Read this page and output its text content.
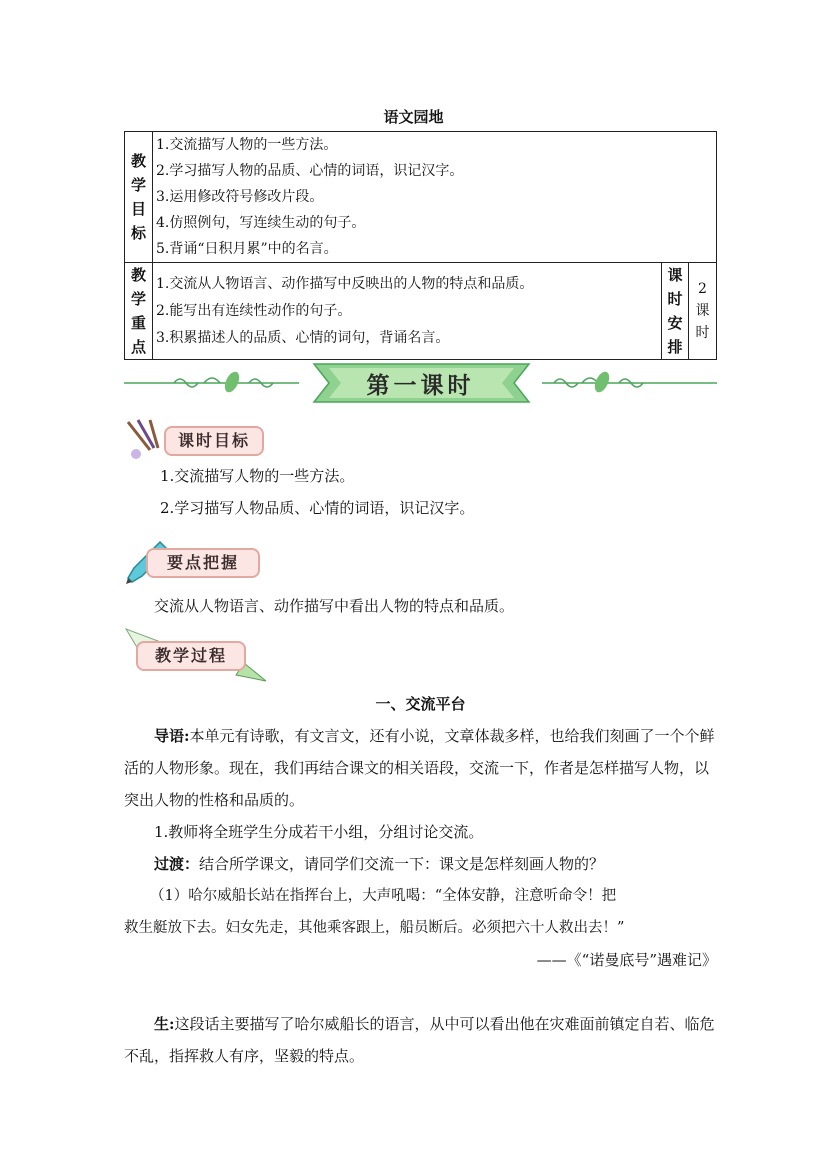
语文园地
教学目标	1.交流描写人物的一些方法。
2.学习描写人物的品质、心情的词语，识记汉字。
3.运用修改符号修改片段。
4.仿照例句，写连续生动的句子。
5.背诵“日积月累”中的名言。		

教学重点	1.交流从人物语言、动作描写中反映出的人物的特点和品质。
2.能写出有连续性动作的句子。
3.积累描述人的品质、心情的词句，背诵名言。	课时安排	2课时
第一课时
课时目标
1.交流描写人物的一些方法。
2.学习描写人物品质、心情的词语，识记汉字。
要点把握
交流从人物语言、动作描写中看出人物的特点和品质。
教学过程
一、交流平台
导语:本单元有诗歌，有文言文，还有小说，文章体裁多样，也给我们刻画了一个个鲜活的人物形象。现在，我们再结合课文的相关语段，交流一下，作者是怎样描写人物，以突出人物的性格和品质的。
1.教师将全班学生分成若干小组，分组讨论交流。
过渡：结合所学课文，请同学们交流一下：课文是怎样刻画人物的？
（1）哈尔威船长站在指挥台上，大声吼喝：“全体安静，注意听命令！把
救生艇放下去。妇女先走，其他乘客跟上，船员断后。必须把六十人救出去！”
——《“诺曼底号”遇难记》
生:这段话主要描写了哈尔威船长的语言，从中可以看出他在灾难面前镇定自若、临危不乱，指挥救人有序，坚毅的特点。
